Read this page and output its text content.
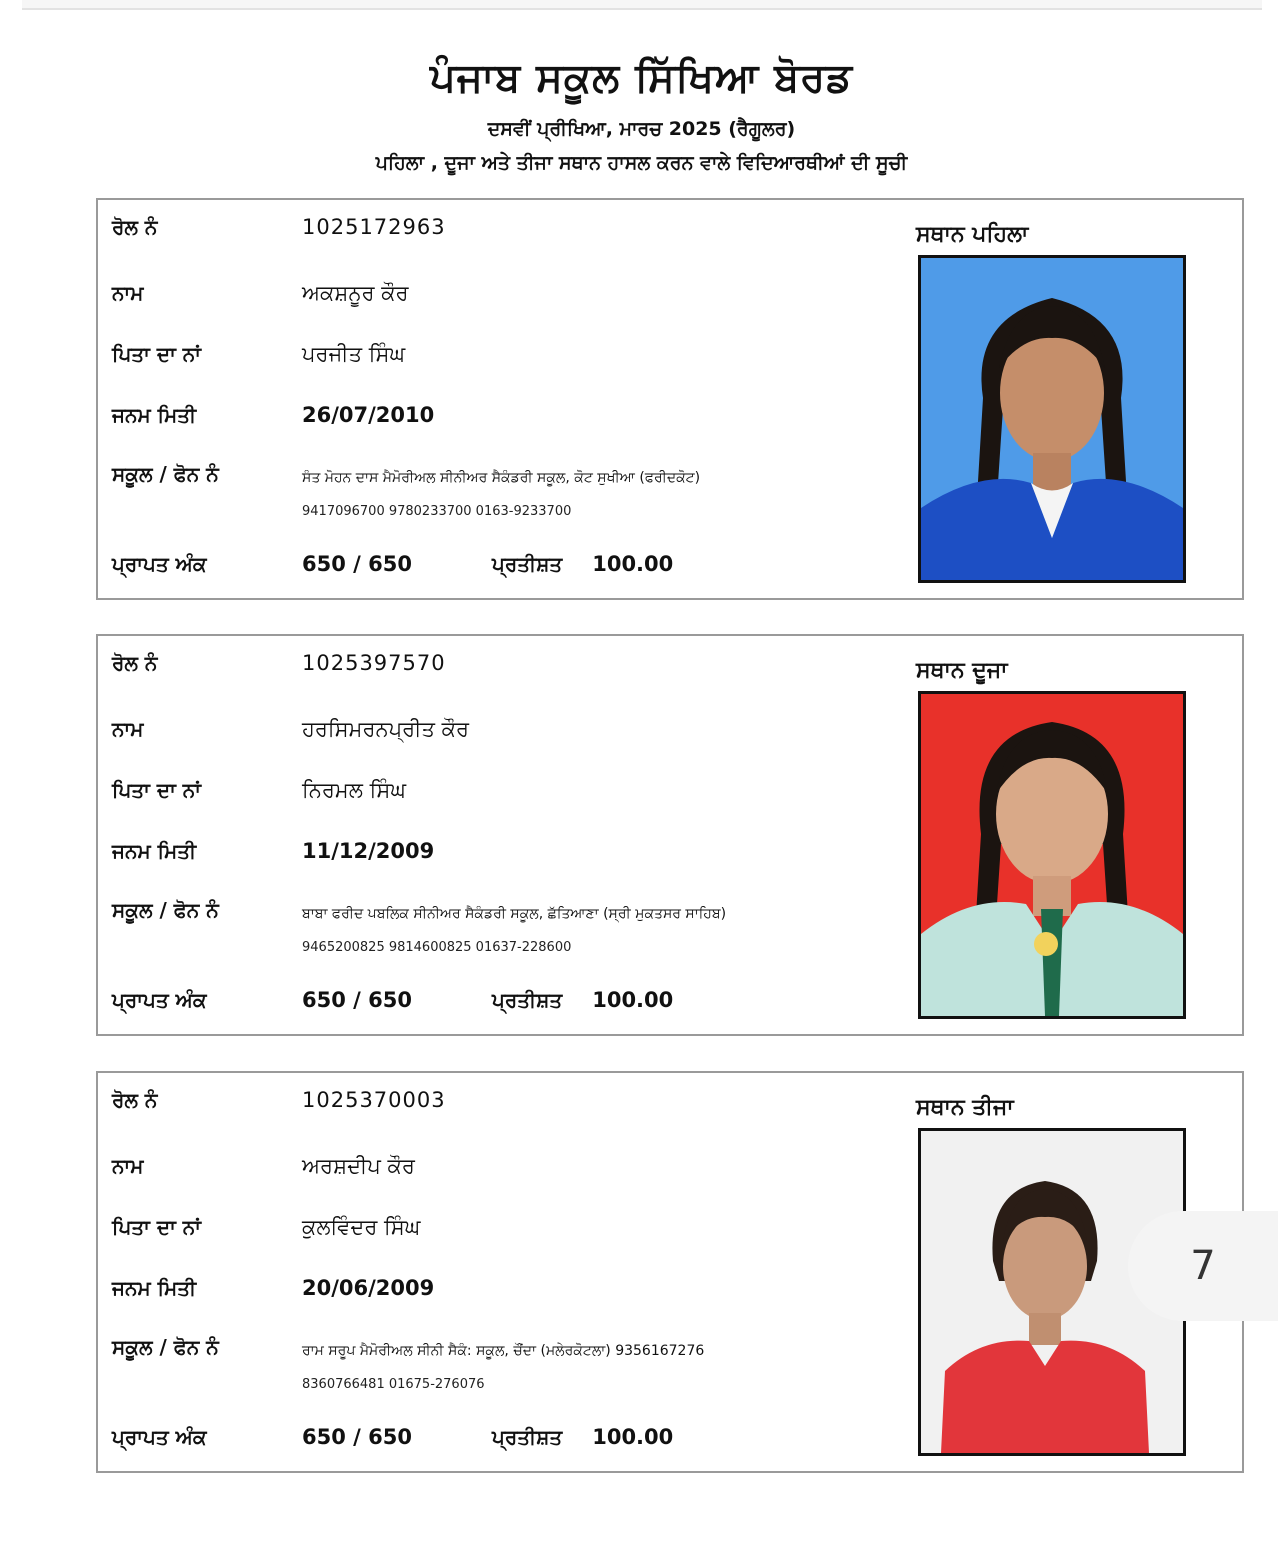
ਪੰਜਾਬ ਸਕੂਲ ਸਿੱਖਿਆ ਬੋਰਡ
ਦਸਵੀਂ ਪ੍ਰੀਖਿਆ, ਮਾਰਚ 2025 (ਰੈਗੂਲਰ)
ਪਹਿਲਾ , ਦੂਜਾ ਅਤੇ ਤੀਜਾ ਸਥਾਨ ਹਾਸਲ ਕਰਨ ਵਾਲੇ ਵਿਦਿਆਰਥੀਆਂ ਦੀ ਸੂਚੀ
ਰੋਲ ਨੰ	1025172963
ਨਾਮ	ਅਕਸ਼ਨੂਰ ਕੌਰ
ਪਿਤਾ ਦਾ ਨਾਂ	ਪਰਜੀਤ ਸਿੰਘ
ਜਨਮ ਮਿਤੀ	26/07/2010
ਸਕੂਲ / ਫੋਨ ਨੰ	ਸੰਤ ਮੋਹਨ ਦਾਸ ਮੈਮੋਰੀਅਲ ਸੀਨੀਅਰ ਸੈਕੰਡਰੀ ਸਕੂਲ, ਕੋਟ ਸੁਖੀਆ (ਫਰੀਦਕੋਟ)
9417096700 9780233700 0163-9233700
ਪ੍ਰਾਪਤ ਅੰਕ	650 / 650	ਪ੍ਰਤੀਸ਼ਤ 100.00
ਸਥਾਨ ਪਹਿਲਾ
ਰੋਲ ਨੰ	1025397570
ਨਾਮ	ਹਰਸਿਮਰਨਪ੍ਰੀਤ ਕੌਰ
ਪਿਤਾ ਦਾ ਨਾਂ	ਨਿਰਮਲ ਸਿੰਘ
ਜਨਮ ਮਿਤੀ	11/12/2009
ਸਕੂਲ / ਫੋਨ ਨੰ	ਬਾਬਾ ਫਰੀਦ ਪਬਲਿਕ ਸੀਨੀਅਰ ਸੈਕੰਡਰੀ ਸਕੂਲ, ਛੱਤਿਆਣਾ (ਸ੍ਰੀ ਮੁਕਤਸਰ ਸਾਹਿਬ)
9465200825 9814600825 01637-228600
ਪ੍ਰਾਪਤ ਅੰਕ	650 / 650	ਪ੍ਰਤੀਸ਼ਤ 100.00
ਸਥਾਨ ਦੂਜਾ
ਰੋਲ ਨੰ	1025370003
ਨਾਮ	ਅਰਸ਼ਦੀਪ ਕੌਰ
ਪਿਤਾ ਦਾ ਨਾਂ	ਕੁਲਵਿੰਦਰ ਸਿੰਘ
ਜਨਮ ਮਿਤੀ	20/06/2009
ਸਕੂਲ / ਫੋਨ ਨੰ	ਰਾਮ ਸਰੂਪ ਮੈਮੋਰੀਅਲ ਸੀਨੀ ਸੈਕੰ: ਸਕੂਲ, ਚੌਂਦਾ (ਮਲੇਰਕੋਟਲਾ) 9356167276
8360766481 01675-276076
ਪ੍ਰਾਪਤ ਅੰਕ	650 / 650	ਪ੍ਰਤੀਸ਼ਤ 100.00
ਸਥਾਨ ਤੀਜਾ
7
